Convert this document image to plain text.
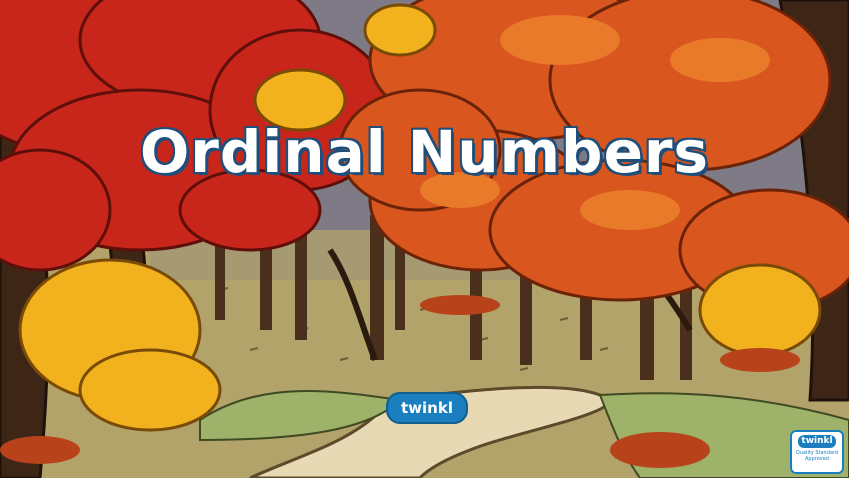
Ordinal Numbers
twinkl
twinkl
Quality Standard
Approved
